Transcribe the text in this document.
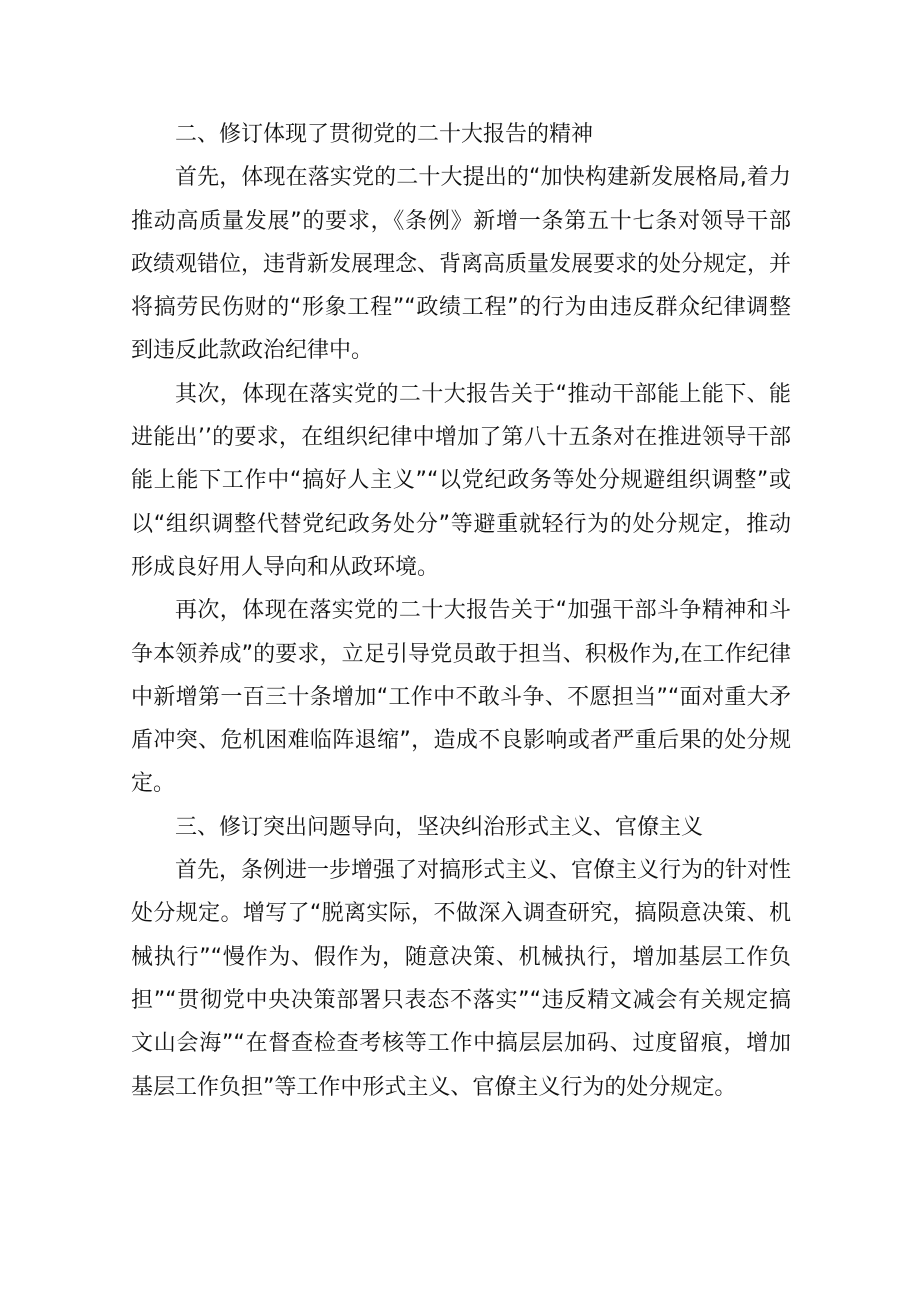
二、修订体现了贯彻党的二十大报告的精神

首先，体现在落实党的二十大提出的“加快构建新发展格局,着力推动高质量发展”的要求，《条例》新增一条第五十七条对领导干部政绩观错位，违背新发展理念、背离高质量发展要求的处分规定，并将搞劳民伤财的“形象工程”“政绩工程”的行为由违反群众纪律调整到违反此款政治纪律中。

其次，体现在落实党的二十大报告关于“推动干部能上能下、能进能出’’的要求，在组织纪律中增加了第八十五条对在推进领导干部能上能下工作中“搞好人主义”“以党纪政务等处分规避组织调整”或以“组织调整代替党纪政务处分”等避重就轻行为的处分规定，推动形成良好用人导向和从政环境。

再次，体现在落实党的二十大报告关于“加强干部斗争精神和斗争本领养成”的要求，立足引导党员敢于担当、积极作为,在工作纪律中新增第一百三十条增加“工作中不敢斗争、不愿担当”“面对重大矛盾冲突、危机困难临阵退缩”，造成不良影响或者严重后果的处分规定。

三、修订突出问题导向，坚决纠治形式主义、官僚主义

首先，条例进一步增强了对搞形式主义、官僚主义行为的针对性处分规定。增写了“脱离实际，不做深入调查研究，搞陨意决策、机械执行”“慢作为、假作为，随意决策、机械执行，增加基层工作负担”“贯彻党中央决策部署只表态不落实”“违反精文减会有关规定搞文山会海”“在督查检查考核等工作中搞层层加码、过度留痕，增加基层工作负担”等工作中形式主义、官僚主义行为的处分规定。
